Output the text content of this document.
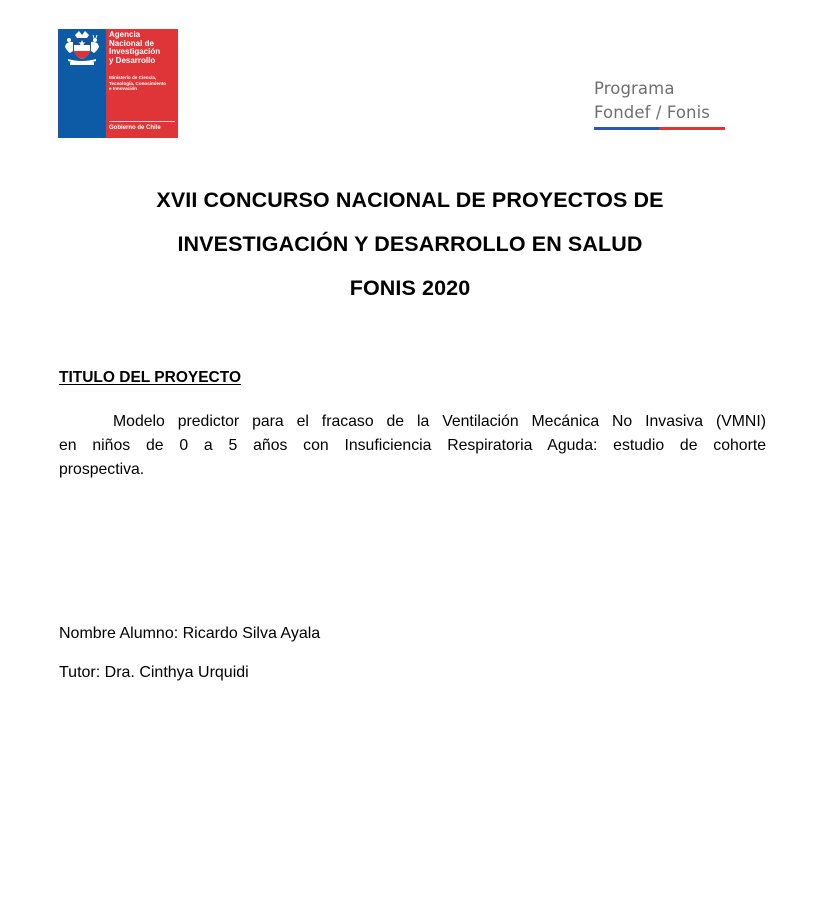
Agencia
Nacional de
Investigación
y Desarrollo
Ministerio de Ciencia,
Tecnología, Conocimiento
e Innovación
Gobierno de Chile
Programa
Fondef / Fonis
XVII CONCURSO NACIONAL DE PROYECTOS DE
INVESTIGACIÓN Y DESARROLLO EN SALUD
FONIS 2020
TITULO DEL PROYECTO
Modelo predictor para el fracaso de la Ventilación Mecánica No Invasiva (VMNI)
en niños de 0 a 5 años con Insuficiencia Respiratoria Aguda: estudio de cohorte
prospectiva.
Nombre Alumno: Ricardo Silva Ayala
Tutor: Dra. Cinthya Urquidi
